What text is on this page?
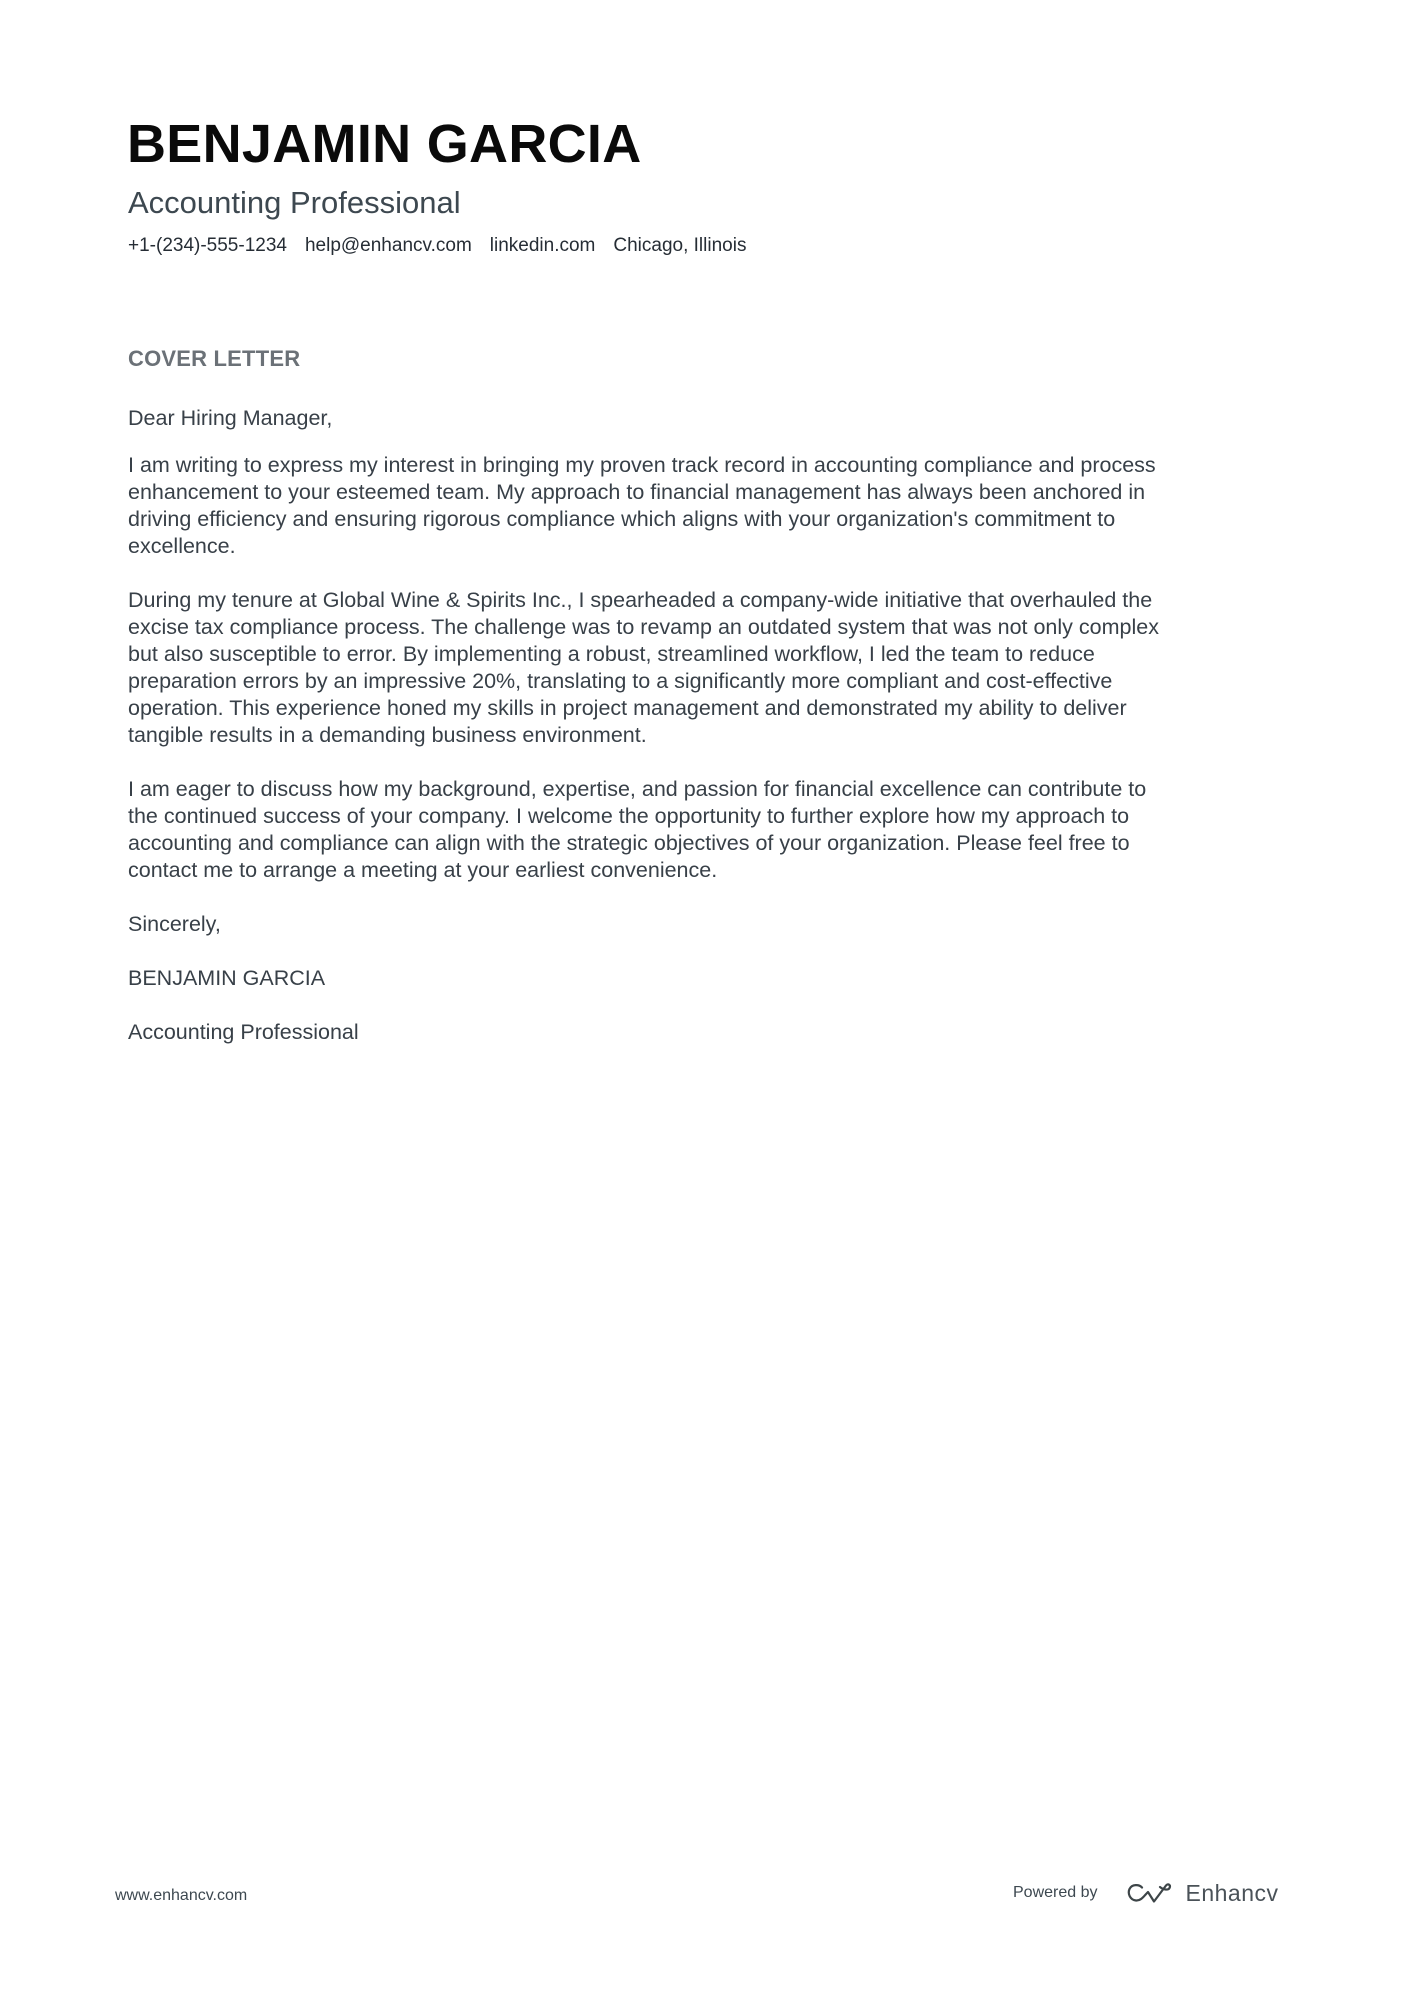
BENJAMIN GARCIA
Accounting Professional
+1-(234)-555-1234 help@enhancv.com linkedin.com Chicago, Illinois
COVER LETTER
Dear Hiring Manager,
I am writing to express my interest in bringing my proven track record in accounting compliance and process
enhancement to your esteemed team. My approach to financial management has always been anchored in
driving efficiency and ensuring rigorous compliance which aligns with your organization's commitment to
excellence.
During my tenure at Global Wine & Spirits Inc., I spearheaded a company-wide initiative that overhauled the
excise tax compliance process. The challenge was to revamp an outdated system that was not only complex
but also susceptible to error. By implementing a robust, streamlined workflow, I led the team to reduce
preparation errors by an impressive 20%, translating to a significantly more compliant and cost-effective
operation. This experience honed my skills in project management and demonstrated my ability to deliver
tangible results in a demanding business environment.
I am eager to discuss how my background, expertise, and passion for financial excellence can contribute to
the continued success of your company. I welcome the opportunity to further explore how my approach to
accounting and compliance can align with the strategic objectives of your organization. Please feel free to
contact me to arrange a meeting at your earliest convenience.
Sincerely,
BENJAMIN GARCIA
Accounting Professional
www.enhancv.com	Powered by	Enhancv
